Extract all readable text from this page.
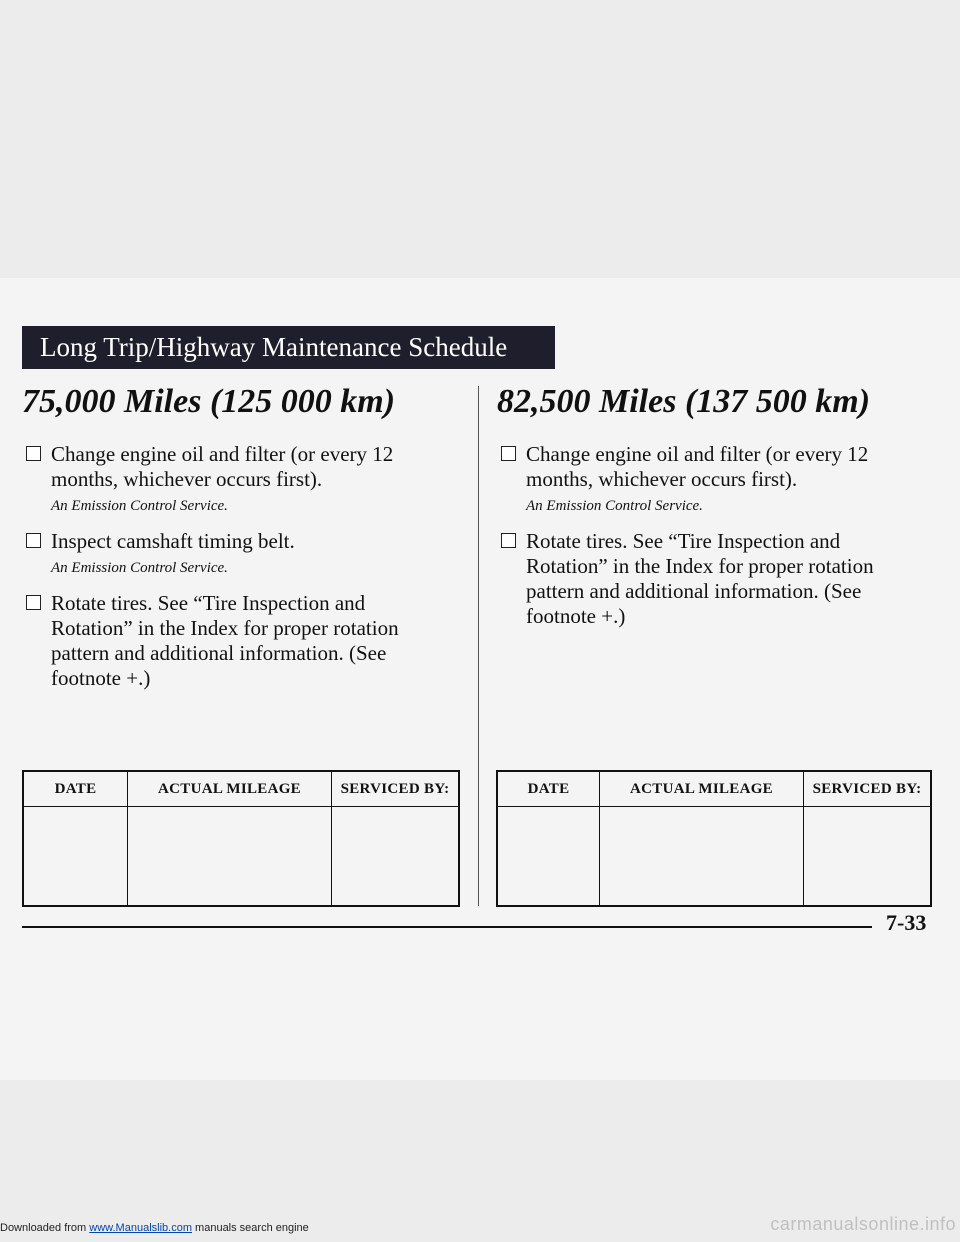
Long Trip/Highway Maintenance Schedule
75,000 Miles (125 000 km)
Change engine oil and filter (or every 12 months, whichever occurs first).
An Emission Control Service.
Inspect camshaft timing belt.
An Emission Control Service.
Rotate tires. See “Tire Inspection and Rotation” in the Index for proper rotation pattern and additional information. (See footnote +.)
82,500 Miles (137 500 km)
Change engine oil and filter (or every 12 months, whichever occurs first).
An Emission Control Service.
Rotate tires. See “Tire Inspection and Rotation” in the Index for proper rotation pattern and additional information. (See footnote +.)
DATE	ACTUAL MILEAGE	SERVICED BY:
			DATE	ACTUAL MILEAGE	SERVICED BY:

7-33
Downloaded from www.Manualslib.com manuals search engine	carmanualsonline.info
